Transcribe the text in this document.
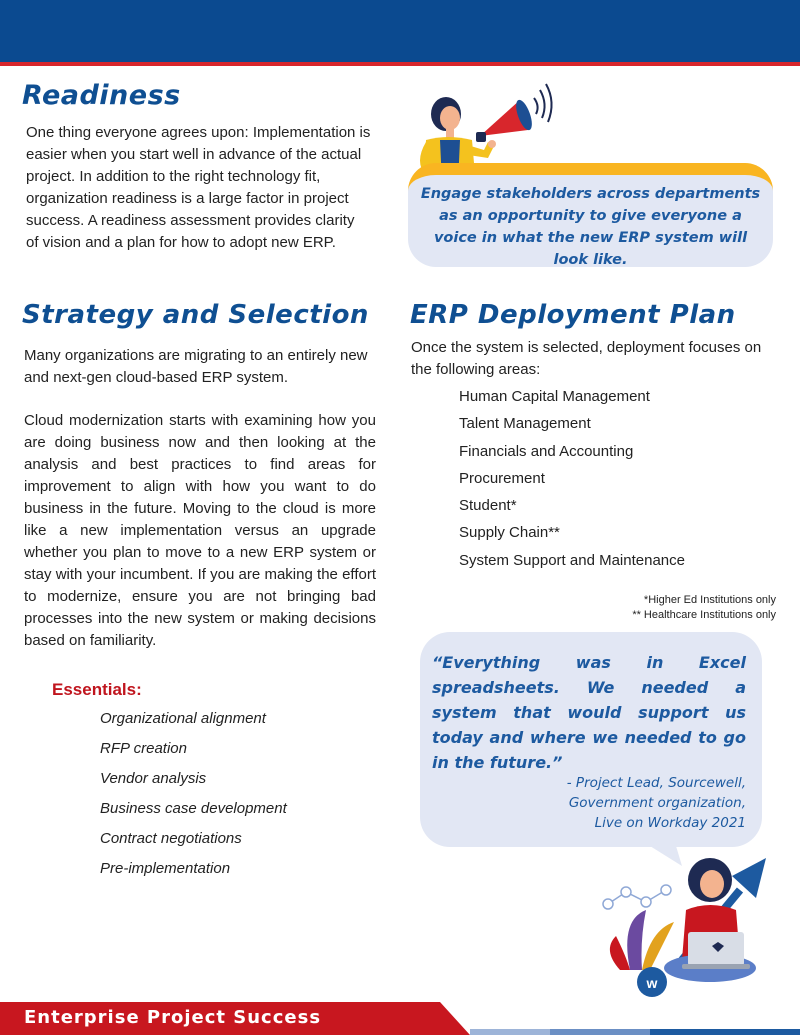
Readiness

One thing everyone agrees upon: Implementation is easier when you start well in advance of the actual project. In addition to the right technology fit, organization readiness is a large factor in project success. A readiness assessment provides clarity of vision and a plan for how to adopt new ERP.

Engage stakeholders across departments as an opportunity to give everyone a voice in what the new ERP system will look like.
Strategy and Selection

Many organizations are migrating to an entirely new and next-gen cloud-based ERP system.

Cloud modernization starts with examining how you are doing business now and then looking at the analysis and best practices to find areas for improvement to align with how you want to do business in the future. Moving to the cloud is more like a new implementation versus an upgrade whether you plan to move to a new ERP system or stay with your incumbent. If you are making the effort to modernize, ensure you are not bringing bad processes into the new system or making decisions based on familiarity.

Essentials:
Organizational alignment
RFP creation
Vendor analysis
Business case development
Contract negotiations
Pre-implementation
ERP Deployment Plan

Once the system is selected, deployment focuses on the following areas:

Human Capital Management
Talent Management
Financials and Accounting
Procurement
Student*
Supply Chain**
System Support and Maintenance
*Higher Ed Institutions only
** Healthcare Institutions only
“Everything was in Excel spreadsheets. We needed a system that would support us today and where we needed to go in the future.”
- Project Lead, Sourcewell,
Government organization,
Live on Workday 2021
w
Enterprise Project Success
